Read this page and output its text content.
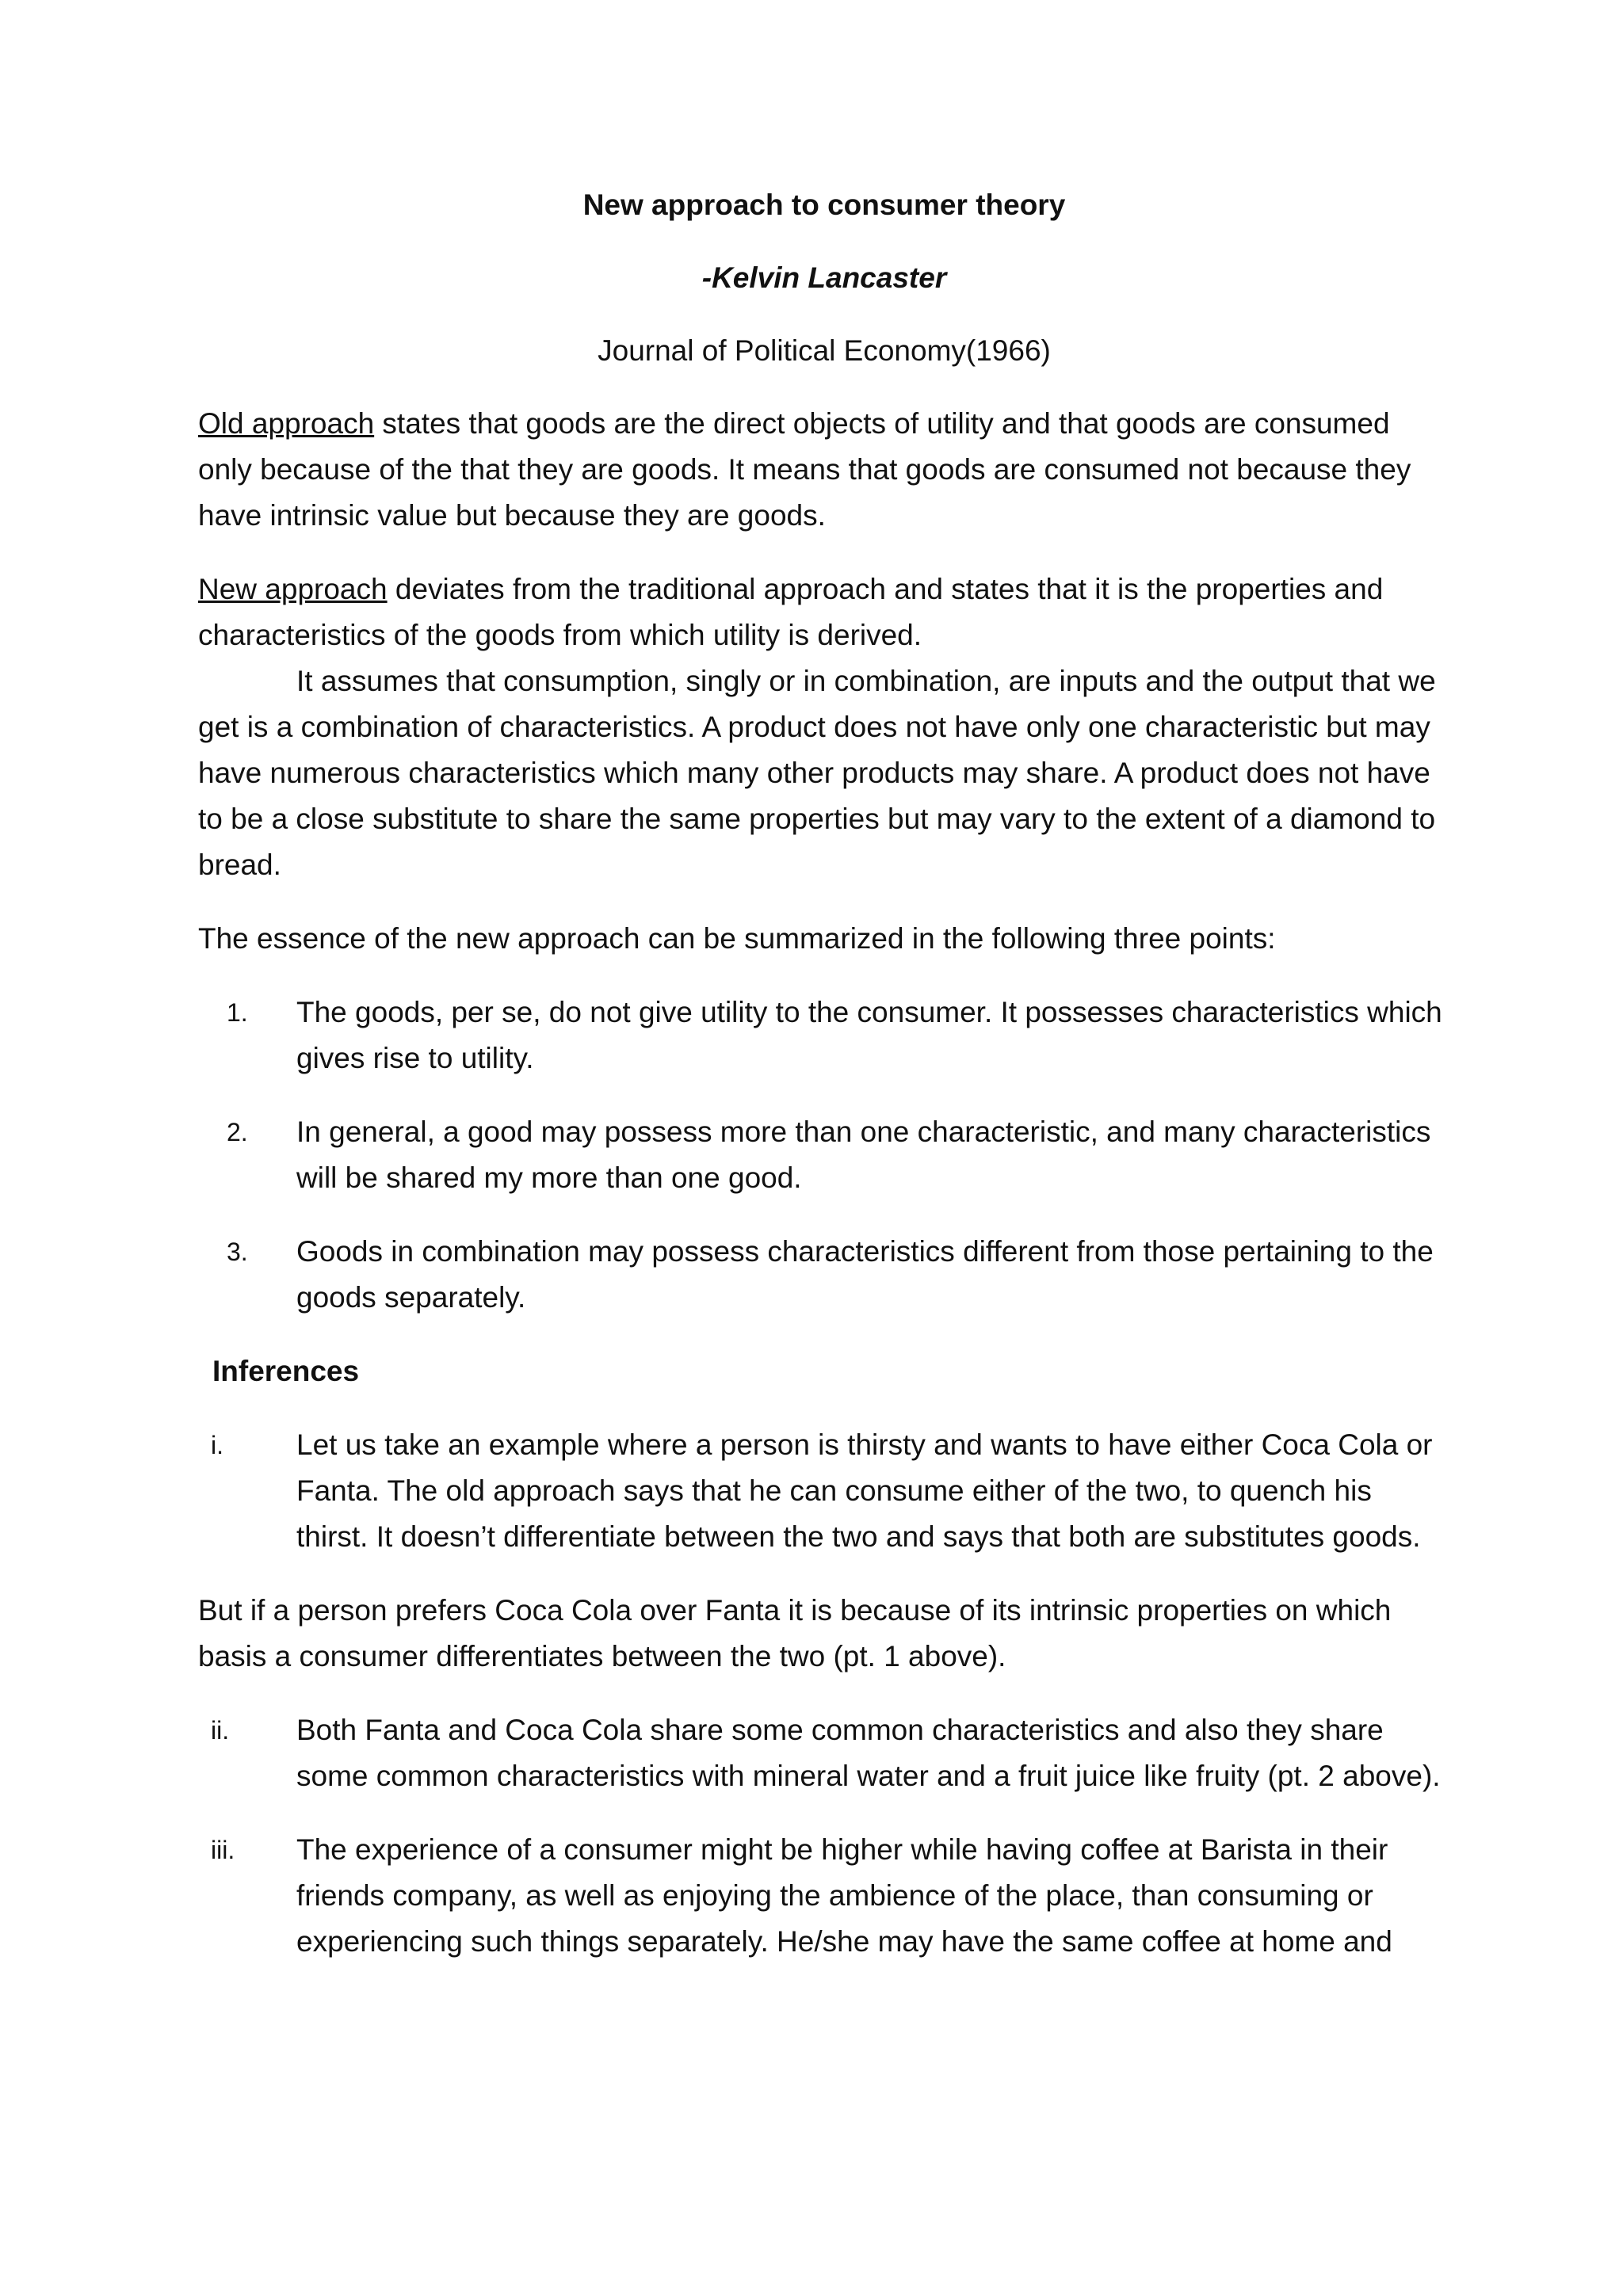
New approach to consumer theory
-Kelvin Lancaster
Journal of Political Economy(1966)

Old approach states that goods are the direct objects of utility and that goods are consumed only because of the that they are goods. It means that goods are consumed not because they have intrinsic value but because they are goods.

New approach deviates from the traditional approach and states that it is the properties and characteristics of the goods from which utility is derived.

It assumes that consumption, singly or in combination, are inputs and the output that we get is a combination of characteristics. A product does not have only one characteristic but may have numerous characteristics which many other products may share. A product does not have to be a close substitute to share the same properties but may vary to the extent of a diamond to bread.

The essence of the new approach can be summarized in the following three points:

1.	The goods, per se, do not give utility to the consumer. It possesses characteristics which gives rise to utility.
2.	In general, a good may possess more than one characteristic, and many characteristics will be shared my more than one good.
3.	Goods in combination may possess characteristics different from those pertaining to the goods separately.
Inferences
i.	Let us take an example where a person is thirsty and wants to have either Coca Cola or Fanta. The old approach says that he can consume either of the two, to quench his thirst. It doesn’t differentiate between the two and says that both are substitutes goods.

But if a person prefers Coca Cola over Fanta it is because of its intrinsic properties on which basis a consumer differentiates between the two (pt. 1 above).

ii.	Both Fanta and Coca Cola share some common characteristics and also they share some common characteristics with mineral water and a fruit juice like fruity (pt. 2 above).
iii.	The experience of a consumer might be higher while having coffee at Barista in their friends company, as well as enjoying the ambience of the place, than consuming or experiencing such things separately. He/she may have the same coffee at home and
